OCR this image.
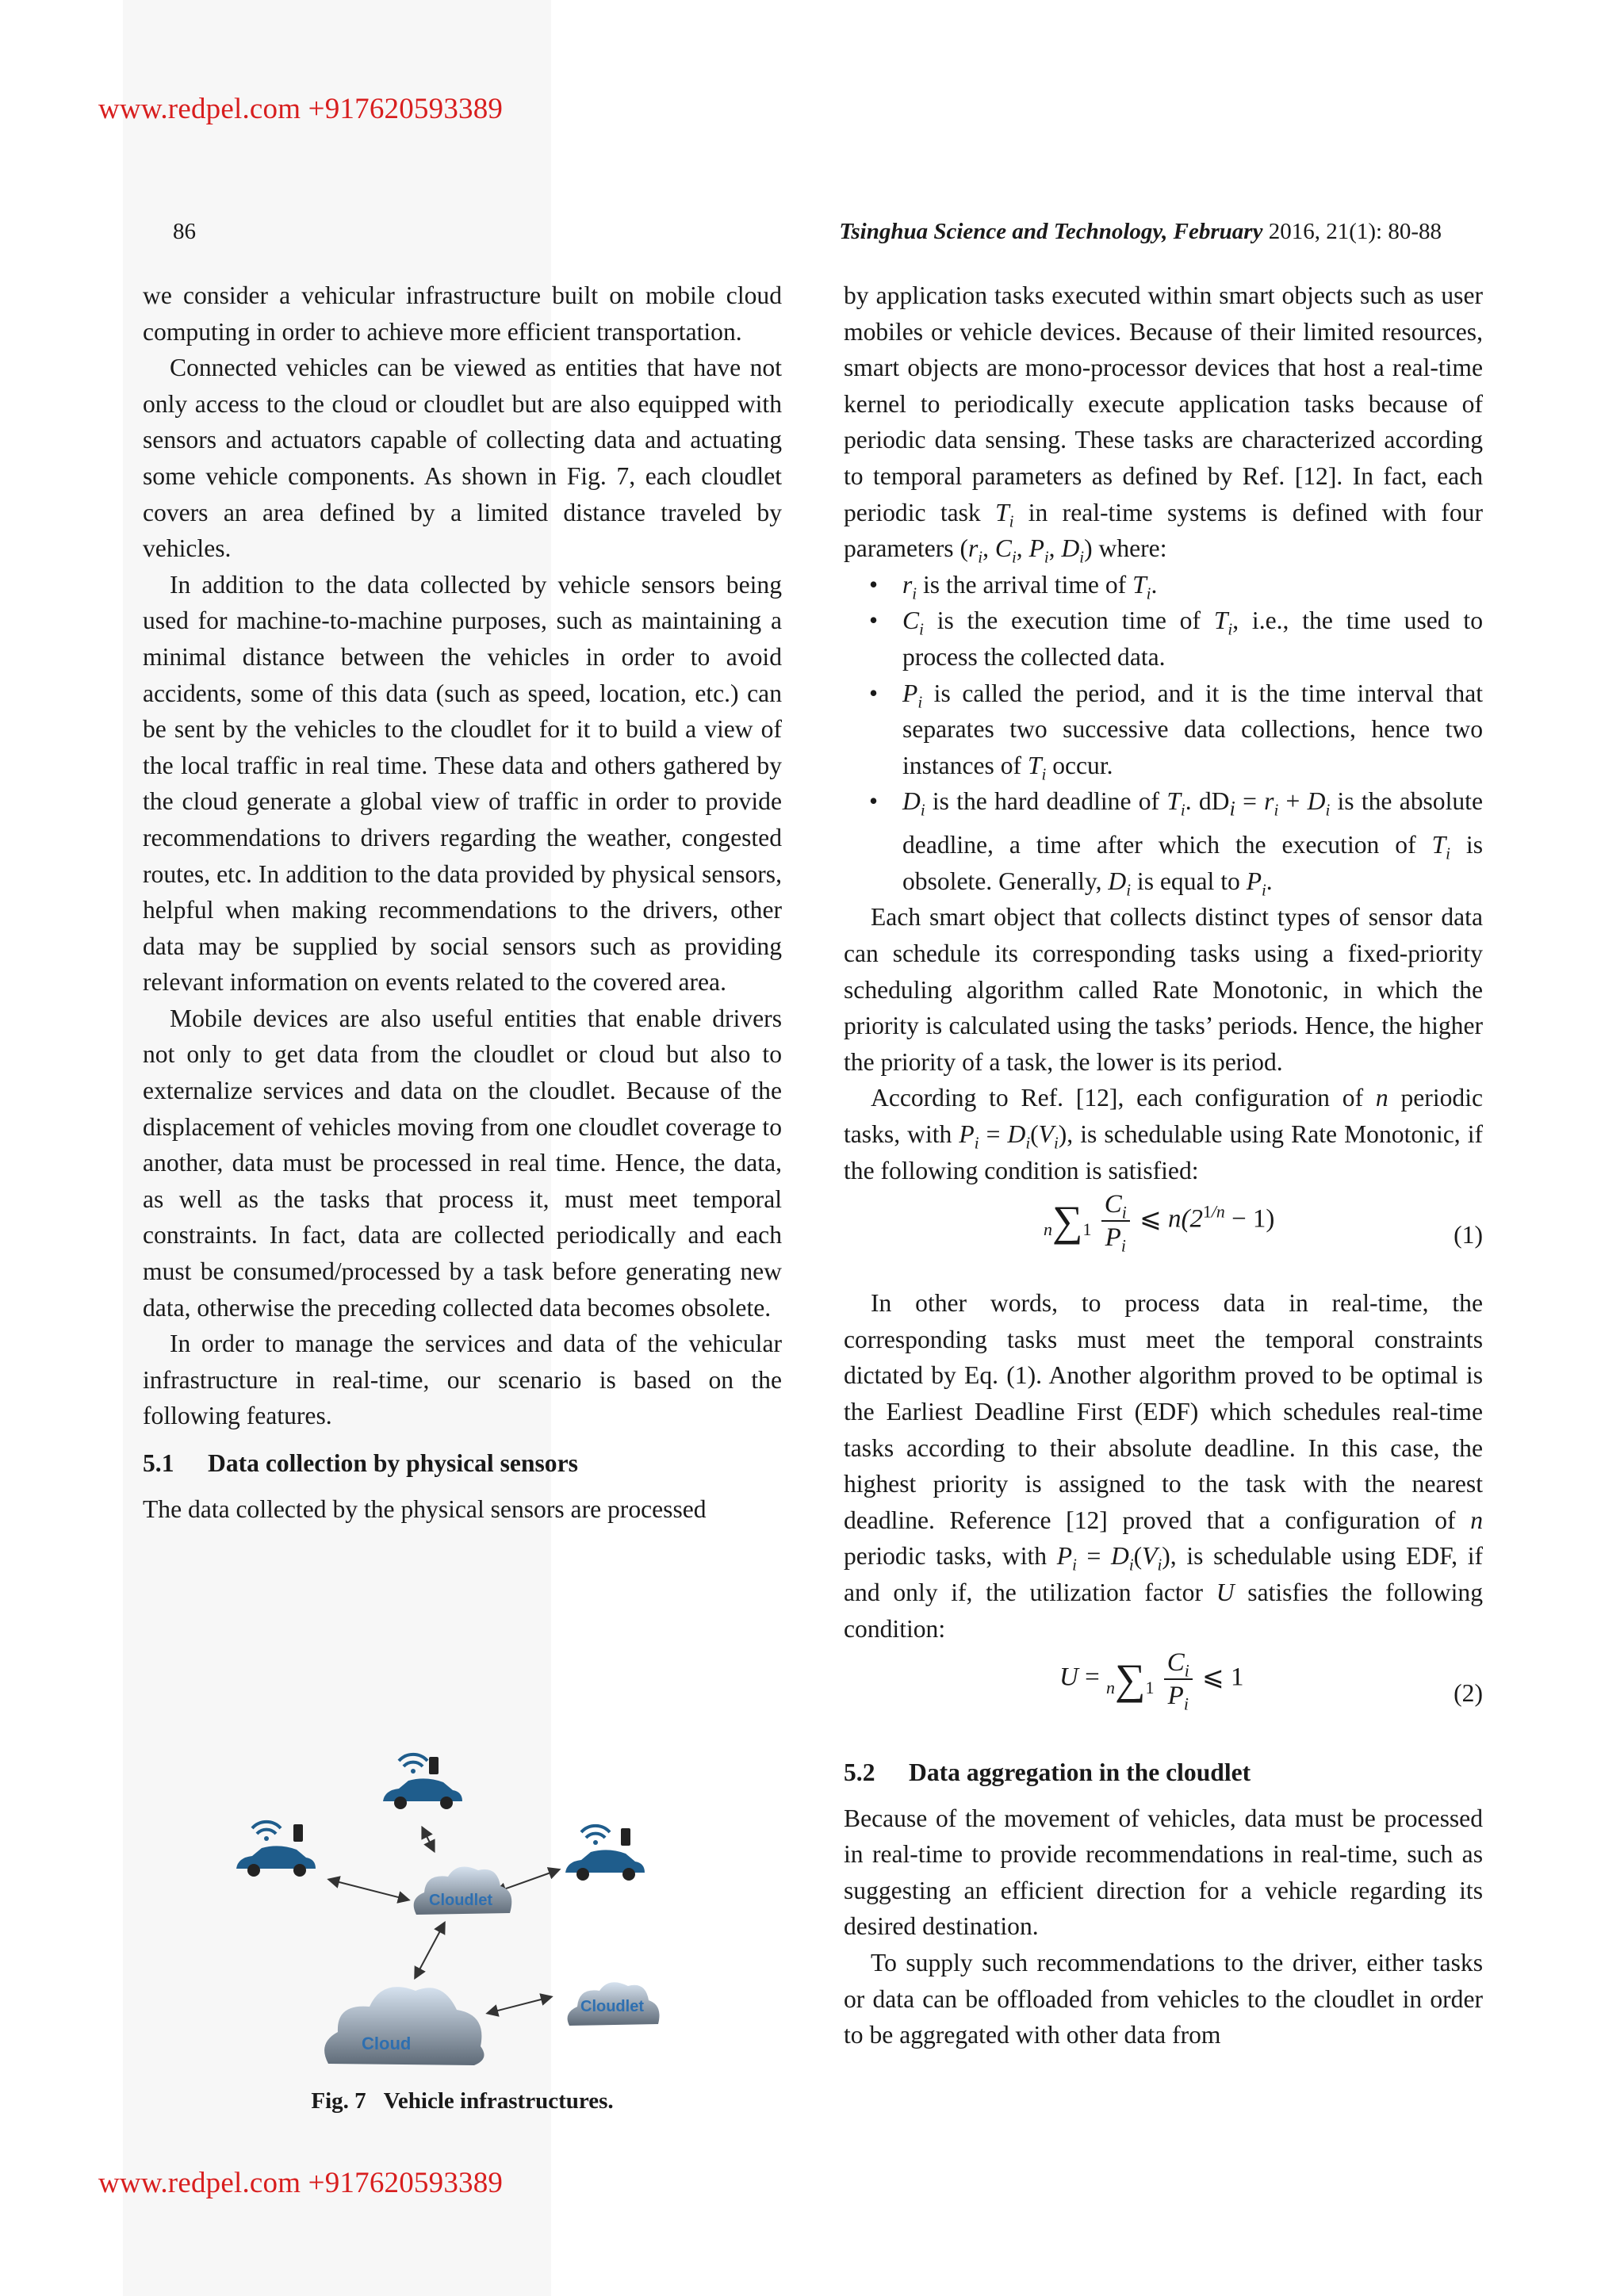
www.redpel.com +917620593389
86	Tsinghua Science and Technology, February 2016, 21(1): 80-88

we consider a vehicular infrastructure built on mobile cloud computing in order to achieve more efficient transportation.

Connected vehicles can be viewed as entities that have not only access to the cloud or cloudlet but are also equipped with sensors and actuators capable of collecting data and actuating some vehicle components. As shown in Fig. 7, each cloudlet covers an area defined by a limited distance traveled by vehicles.

In addition to the data collected by vehicle sensors being used for machine-to-machine purposes, such as maintaining a minimal distance between the vehicles in order to avoid accidents, some of this data (such as speed, location, etc.) can be sent by the vehicles to the cloudlet for it to build a view of the local traffic in real time. These data and others gathered by the cloud generate a global view of traffic in order to provide recommendations to drivers regarding the weather, congested routes, etc. In addition to the data provided by physical sensors, helpful when making recommendations to the drivers, other data may be supplied by social sensors such as providing relevant information on events related to the covered area.

Mobile devices are also useful entities that enable drivers not only to get data from the cloudlet or cloud but also to externalize services and data on the cloudlet. Because of the displacement of vehicles moving from one cloudlet coverage to another, data must be processed in real time. Hence, the data, as well as the tasks that process it, must meet temporal constraints. In fact, data are collected periodically and each must be consumed/processed by a task before generating new data, otherwise the preceding collected data becomes obsolete.

In order to manage the services and data of the vehicular infrastructure in real-time, our scenario is based on the following features.

5.1 Data collection by physical sensors

The data collected by the physical sensors are processed

Cloudlet
Cloud
Cloudlet
Fig. 7 Vehicle infrastructures.

by application tasks executed within smart objects such as user mobiles or vehicle devices. Because of their limited resources, smart objects are mono-processor devices that host a real-time kernel to periodically execute application tasks because of periodic data sensing. These tasks are characterized according to temporal parameters as defined by Ref. [12]. In fact, each periodic task $T_i$ in real-time systems is defined with four parameters ($r_i$, $C_i$, $P_i$, $D_i$) where:

• $r_i$ is the arrival time of $T_i$.
• $C_i$ is the execution time of $T_i$, i.e., the time used to process the collected data.
• $P_i$ is called the period, and it is the time interval that separates two successive data collections, hence two instances of $T_i$ occur.
• $D_i$ is the hard deadline of $T_i$. $dD_i = r_i + D_i$ is the absolute deadline, a time after which the execution of $T_i$ is obsolete. Generally, $D_i$ is equal to $P_i$.

Each smart object that collects distinct types of sensor data can schedule its corresponding tasks using a fixed-priority scheduling algorithm called Rate Monotonic, in which the priority is calculated using the tasks’ periods. Hence, the higher the priority of a task, the lower is its period.

According to Ref. [12], each configuration of n periodic tasks, with $P_i = D_i(V_i)$, is schedulable using Rate Monotonic, if the following condition is satisfied:

$n\sum 1 \frac{C_i}{P_i}$ ⩽ $n(2^{1/n} - 1)$
(1)

In other words, to process data in real-time, the corresponding tasks must meet the temporal constraints dictated by Eq. (1). Another algorithm proved to be optimal is the Earliest Deadline First (EDF) which schedules real-time tasks according to their absolute deadline. In this case, the highest priority is assigned to the task with the nearest deadline. Reference [12] proved that a configuration of n periodic tasks, with $P_i = D_i(V_i)$, is schedulable using EDF, if and only if, the utilization factor U satisfies the following condition:

$U = n\sum 1 \frac{C_i}{P_i}$ ⩽ 1
(2)

5.2 Data aggregation in the cloudlet

Because of the movement of vehicles, data must be processed in real-time to provide recommendations in real-time, such as suggesting an efficient direction for a vehicle regarding its desired destination.

To supply such recommendations to the driver, either tasks or data can be offloaded from vehicles to the cloudlet in order to be aggregated with other data from

www.redpel.com +917620593389
